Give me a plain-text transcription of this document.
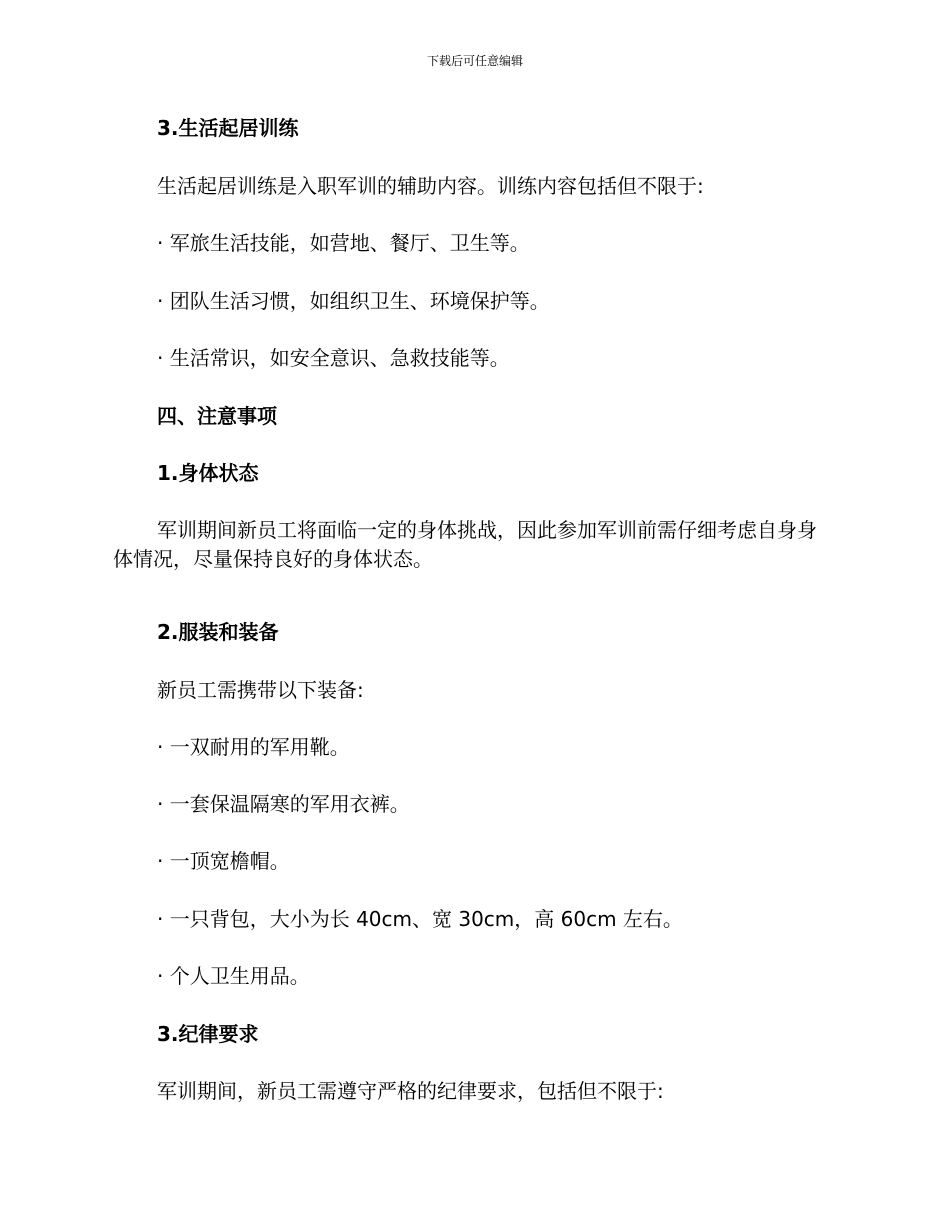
下载后可任意编辑
3.生活起居训练
生活起居训练是入职军训的辅助内容。训练内容包括但不限于:
· 军旅生活技能，如营地、餐厅、卫生等。
· 团队生活习惯，如组织卫生、环境保护等。
· 生活常识，如安全意识、急救技能等。
四、注意事项
1.身体状态
军训期间新员工将面临一定的身体挑战，因此参加军训前需仔细考虑自身身体情况，尽量保持良好的身体状态。
2.服装和装备
新员工需携带以下装备:
· 一双耐用的军用靴。
· 一套保温隔寒的军用衣裤。
· 一顶宽檐帽。
· 一只背包，大小为长 40cm、宽 30cm，高 60cm 左右。
· 个人卫生用品。
3.纪律要求
军训期间，新员工需遵守严格的纪律要求，包括但不限于:
